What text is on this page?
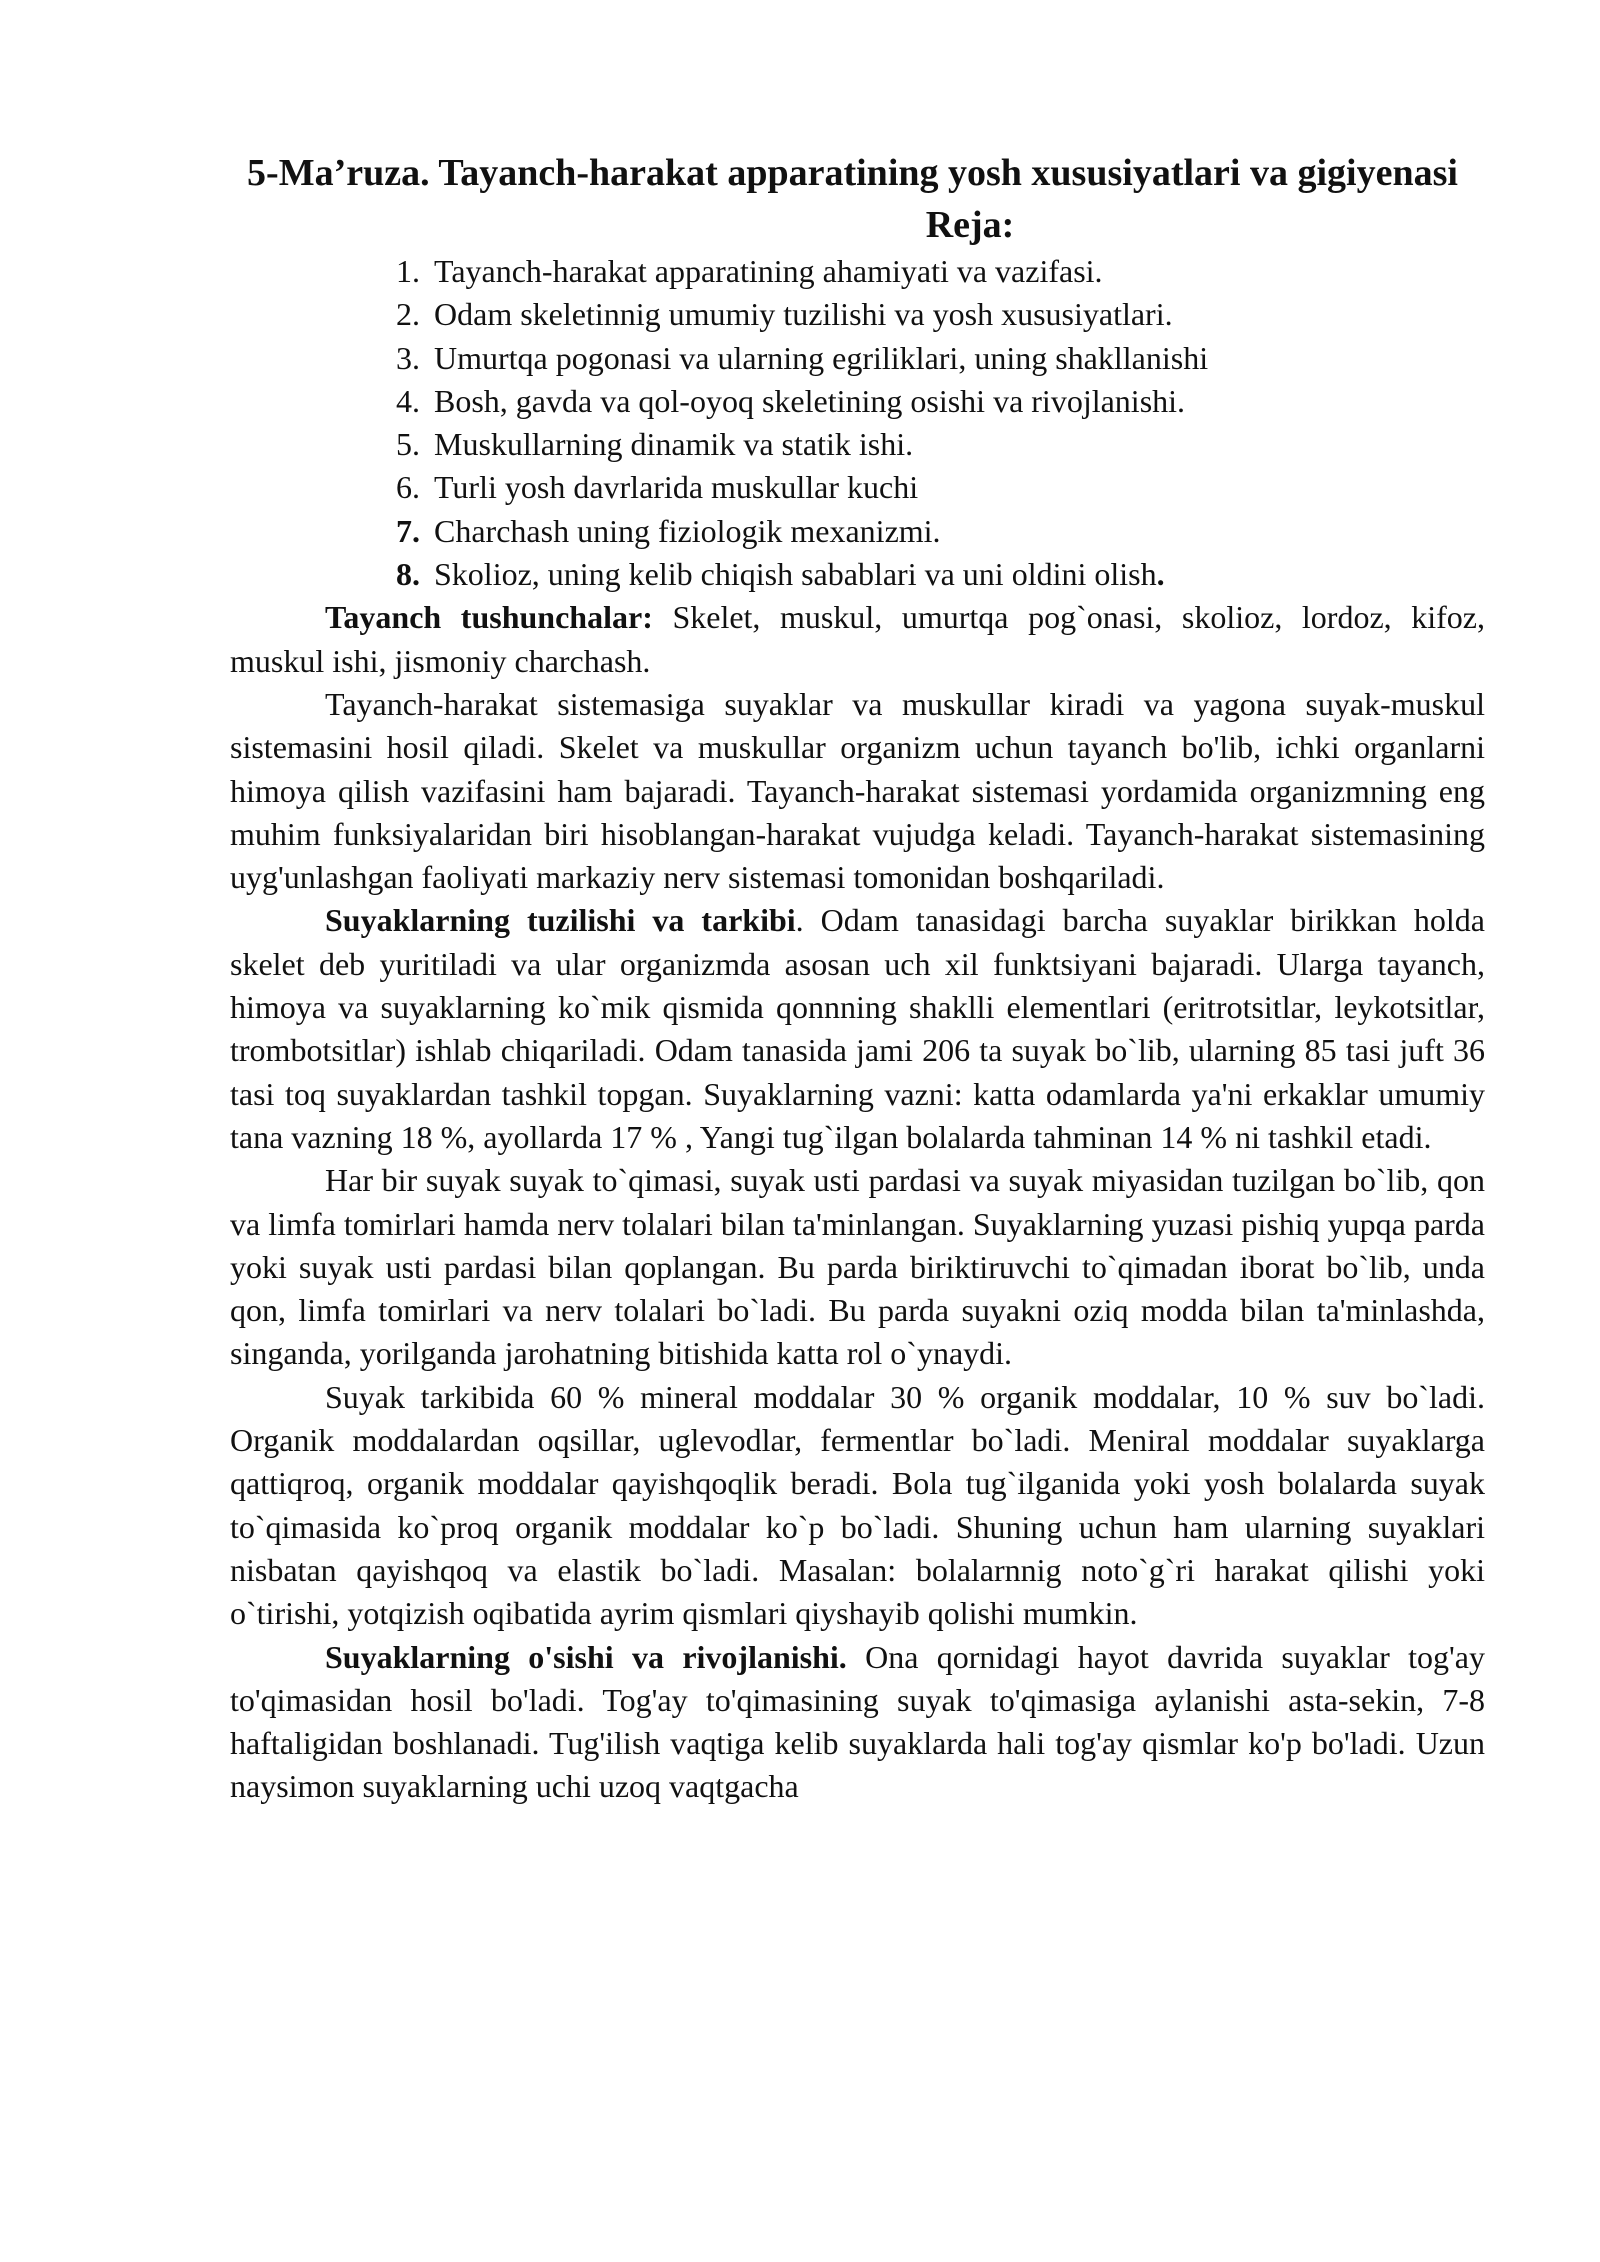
5-Ma’ruza. Tayanch-harakat apparatining yosh xususiyatlari va gigiyenasi
Reja:
1. Tayanch-harakat apparatining ahamiyati va vazifasi.
2. Odam skeletinnig umumiy tuzilishi va yosh xususiyatlari.
3. Umurtqa pogonasi va ularning egriliklari, uning shakllanishi
4. Bosh, gavda va qol-oyoq skeletining osishi va rivojlanishi.
5. Muskullarning dinamik va statik ishi.
6. Turli yosh davrlarida muskullar kuchi
7. Charchash uning fiziologik mexanizmi.
8. Skolioz, uning kelib chiqish sabablari va uni oldini olish.

Tayanch tushunchalar: Skelet, muskul, umurtqa pog`onasi, skolioz, lordoz, kifoz, muskul ishi, jismoniy charchash.

Tayanch-harakat sistemasiga suyaklar va muskullar kiradi va yagona suyak-muskul sistemasini hosil qiladi. Skelet va muskullar organizm uchun tayanch bo'lib, ichki organlarni himoya qilish vazifasini ham bajaradi. Tayanch-harakat sistemasi yordamida organizmning eng muhim funksiyalaridan biri hisoblangan-harakat vujudga keladi. Tayanch-harakat sistemasining uyg'unlashgan faoliyati markaziy nerv sistemasi tomonidan boshqariladi.

Suyaklarning tuzilishi va tarkibi. Odam tanasidagi barcha suyaklar birikkan holda skelet deb yuritiladi va ular organizmda asosan uch xil funktsiyani bajaradi. Ularga tayanch, himoya va suyaklarning ko`mik qismida qonnning shaklli elementlari (eritrotsitlar, leykotsitlar, trombotsitlar) ishlab chiqariladi. Odam tanasida jami 206 ta suyak bo`lib, ularning 85 tasi juft 36 tasi toq suyaklardan tashkil topgan. Suyaklarning vazni: katta odamlarda ya'ni erkaklar umumiy tana vazning 18 %, ayollarda 17 % , Yangi tug`ilgan bolalarda tahminan 14 % ni tashkil etadi.

Har bir suyak suyak to`qimasi, suyak usti pardasi va suyak miyasidan tuzilgan bo`lib, qon va limfa tomirlari hamda nerv tolalari bilan ta'minlangan. Suyaklarning yuzasi pishiq yupqa parda yoki suyak usti pardasi bilan qoplangan. Bu parda biriktiruvchi to`qimadan iborat bo`lib, unda qon, limfa tomirlari va nerv tolalari bo`ladi. Bu parda suyakni oziq modda bilan ta'minlashda, singanda, yorilganda jarohatning bitishida katta rol o`ynaydi.

Suyak tarkibida 60 % mineral moddalar 30 % organik moddalar, 10 % suv bo`ladi. Organik moddalardan oqsillar, uglevodlar, fermentlar bo`ladi. Meniral moddalar suyaklarga qattiqroq, organik moddalar qayishqoqlik beradi. Bola tug`ilganida yoki yosh bolalarda suyak to`qimasida ko`proq organik moddalar ko`p bo`ladi. Shuning uchun ham ularning suyaklari nisbatan qayishqoq va elastik bo`ladi. Masalan: bolalarnnig noto`g`ri harakat qilishi yoki o`tirishi, yotqizish oqibatida ayrim qismlari qiyshayib qolishi mumkin.

Suyaklarning o'sishi va rivojlanishi. Ona qornidagi hayot davrida suyaklar tog'ay to'qimasidan hosil bo'ladi. Tog'ay to'qimasining suyak to'qimasiga aylanishi asta-sekin, 7-8 haftaligidan boshlanadi. Tug'ilish vaqtiga kelib suyaklarda hali tog'ay qismlar ko'p bo'ladi. Uzun naysimon suyaklarning uchi uzoq vaqtgacha
